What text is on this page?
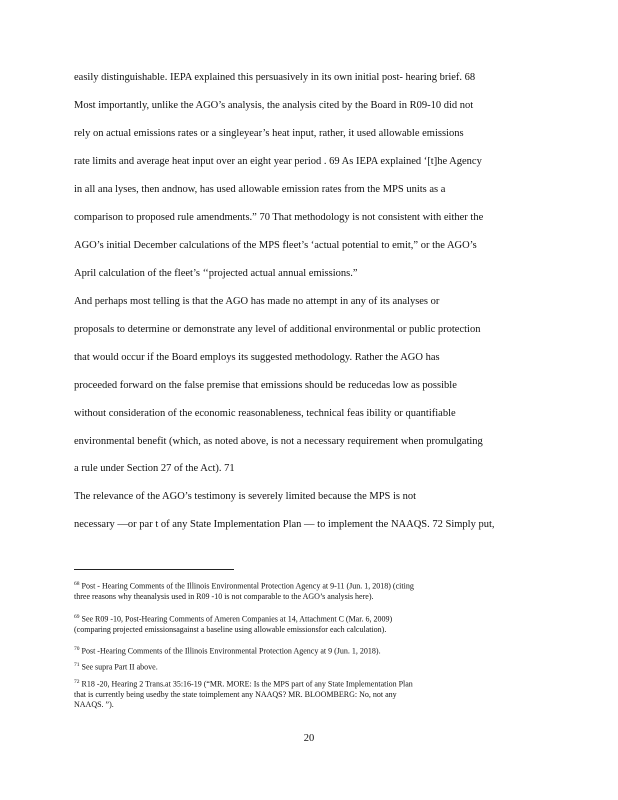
easily distinguishable. IEPA explained this persuasively in its own initial post- hearing brief. 68
Most importantly, unlike the AGO’s analysis, the analysis cited by the Board in R09-10 did not
rely on actual emissions rates or a singleyear’s heat input, rather, it used allowable emissions
rate limits and average heat input over an eight year period . 69 As IEPA explained ‘[t]he Agency
in all ana lyses, then andnow, has used allowable emission rates from the MPS units as a
comparison to proposed rule amendments.” 70 That methodology is not consistent with either the
AGO’s initial December calculations of the MPS fleet’s ‘actual potential to emit,” or the AGO’s
April calculation of the fleet’s ‘‘projected actual annual emissions.”
And perhaps most telling is that the AGO has made no attempt in any of its analyses or
proposals to determine or demonstrate any level of additional environmental or public protection
that would occur if the Board employs its suggested methodology. Rather the AGO has
proceeded forward on the false premise that emissions should be reducedas low as possible
without consideration of the economic reasonableness, technical feas ibility or quantifiable
environmental benefit (which, as noted above, is not a necessary requirement when promulgating
a rule under Section 27 of the Act). 71
The relevance of the AGO’s testimony is severely limited because the MPS is not
necessary —or par t of any State Implementation Plan — to implement the NAAQS. 72 Simply put,
$^{68}$ Post - Hearing Comments of the Illinois Environmental Protection Agency at 9-11 (Jun. 1, 2018) (citing
three reasons why theanalysis used in R09 -10 is not comparable to the AGO’s analysis here).
$^{69}$ See R09 -10, Post-Hearing Comments of Ameren Companies at 14, Attachment C (Mar. 6, 2009)
(comparing projected emissionsagainst a baseline using allowable emissionsfor each calculation).
$^{70}$ Post -Hearing Comments of the Illinois Environmental Protection Agency at 9 (Jun. 1, 2018).
$^{71}$ See supra Part II above.
$^{72}$ R18 -20, Hearing 2 Trans.at 35:16-19 (“MR. MORE: Is the MPS part of any State Implementation Plan
that is currently being usedby the state toimplement any NAAQS? MR. BLOOMBERG: No, not any
NAAQS. ”).
20
